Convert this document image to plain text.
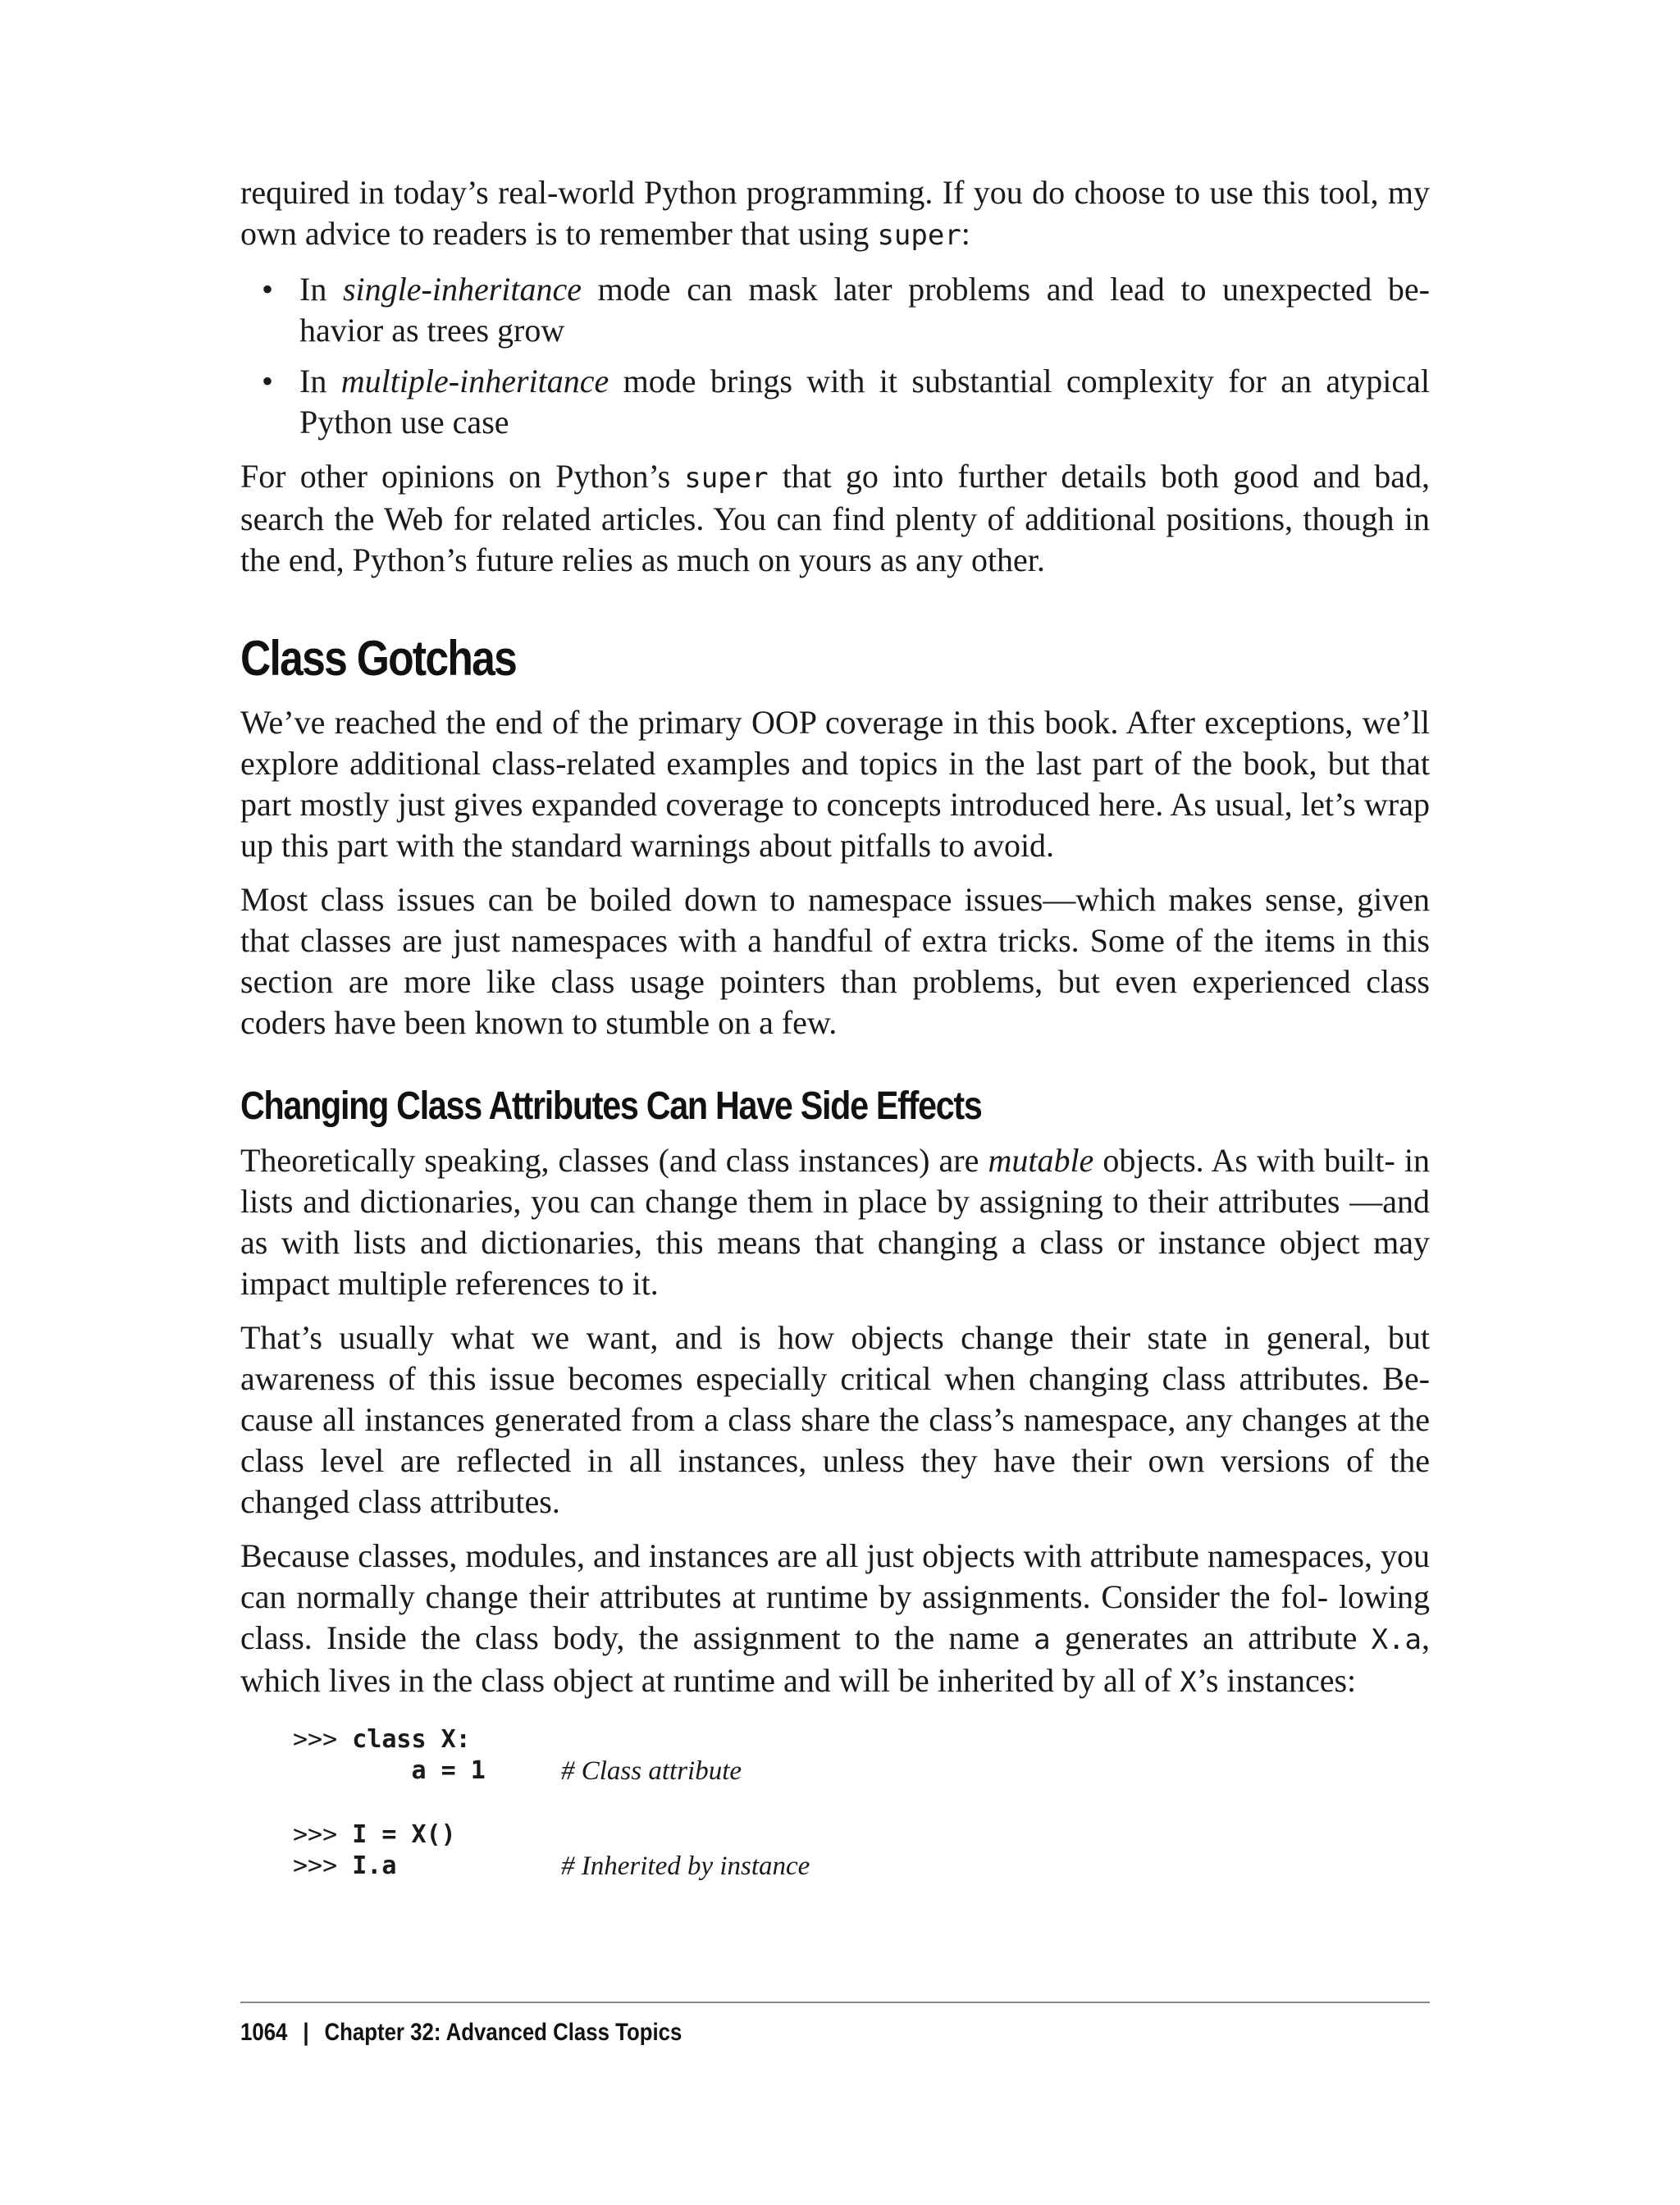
required in today’s real-world Python programming. If you do choose to use this tool, my own advice to readers is to remember that using super:

• In single-inheritance mode can mask later problems and lead to unexpected be- havior as trees grow
• In multiple-inheritance mode brings with it substantial complexity for an atypical Python use case

For other opinions on Python’s super that go into further details both good and bad, search the Web for related articles. You can find plenty of additional positions, though in the end, Python’s future relies as much on yours as any other.

Class Gotchas

We’ve reached the end of the primary OOP coverage in this book. After exceptions, we’ll explore additional class-related examples and topics in the last part of the book, but that part mostly just gives expanded coverage to concepts introduced here. As usual, let’s wrap up this part with the standard warnings about pitfalls to avoid.

Most class issues can be boiled down to namespace issues—which makes sense, given that classes are just namespaces with a handful of extra tricks. Some of the items in this section are more like class usage pointers than problems, but even experienced class coders have been known to stumble on a few.

Changing Class Attributes Can Have Side Effects

Theoretically speaking, classes (and class instances) are mutable objects. As with built- in lists and dictionaries, you can change them in place by assigning to their attributes —and as with lists and dictionaries, this means that changing a class or instance object may impact multiple references to it.

That’s usually what we want, and is how objects change their state in general, but awareness of this issue becomes especially critical when changing class attributes. Be- cause all instances generated from a class share the class’s namespace, any changes at the class level are reflected in all instances, unless they have their own versions of the changed class attributes.

Because classes, modules, and instances are all just objects with attribute namespaces, you can normally change their attributes at runtime by assignments. Consider the fol- lowing class. Inside the class body, the assignment to the name a generates an attribute X.a, which lives in the class object at runtime and will be inherited by all of X’s instances:

>>> class X:
a = 1	# Class attribute
>>> I = X()
>>> I.a	# Inherited by instance
1064 | Chapter 32: Advanced Class Topics
